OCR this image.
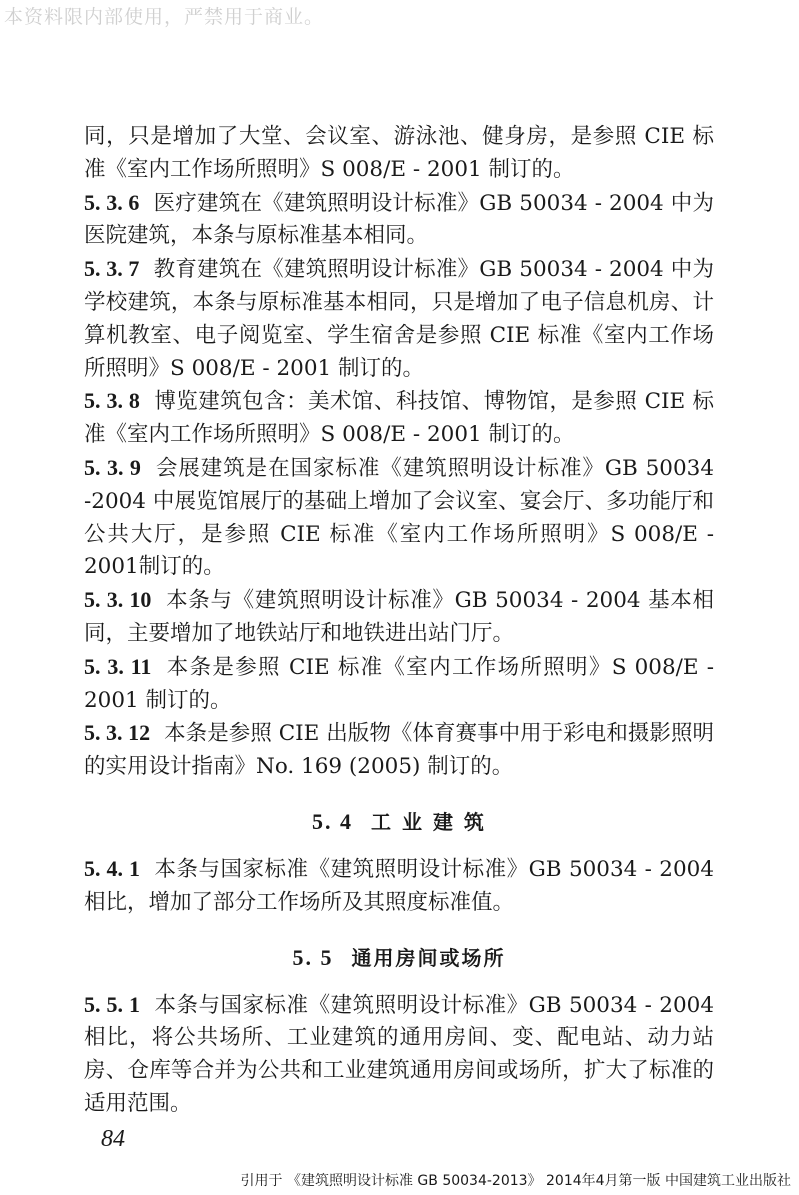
本资料限内部使用，严禁用于商业。

同，只是增加了大堂、会议室、游泳池、健身房，是参照 CIE 标准《室内工作场所照明》S 008/E - 2001 制订的。

5. 3. 6 医疗建筑在《建筑照明设计标准》GB 50034 - 2004 中为医院建筑，本条与原标准基本相同。

5. 3. 7 教育建筑在《建筑照明设计标准》GB 50034 - 2004 中为学校建筑，本条与原标准基本相同，只是增加了电子信息机房、计算机教室、电子阅览室、学生宿舍是参照 CIE 标准《室内工作场所照明》S 008/E - 2001 制订的。

5. 3. 8 博览建筑包含：美术馆、科技馆、博物馆，是参照 CIE 标准《室内工作场所照明》S 008/E - 2001 制订的。

5. 3. 9 会展建筑是在国家标准《建筑照明设计标准》GB 50034 -2004 中展览馆展厅的基础上增加了会议室、宴会厅、多功能厅和公共大厅，是参照 CIE 标准《室内工作场所照明》S 008/E - 2001制订的。

5. 3. 10 本条与《建筑照明设计标准》GB 50034 - 2004 基本相同，主要增加了地铁站厅和地铁进出站门厅。

5. 3. 11 本条是参照 CIE 标准《室内工作场所照明》S 008/E - 2001 制订的。

5. 3. 12 本条是参照 CIE 出版物《体育赛事中用于彩电和摄影照明的实用设计指南》No. 169 (2005) 制订的。

5. 4 工 业 建 筑

5. 4. 1 本条与国家标准《建筑照明设计标准》GB 50034 - 2004 相比，增加了部分工作场所及其照度标准值。

5. 5 通用房间或场所

5. 5. 1 本条与国家标准《建筑照明设计标准》GB 50034 - 2004 相比，将公共场所、工业建筑的通用房间、变、配电站、动力站房、仓库等合并为公共和工业建筑通用房间或场所，扩大了标准的适用范围。

84
引用于 《建筑照明设计标准 GB 50034-2013》 2014年4月第一版 中国建筑工业出版社
